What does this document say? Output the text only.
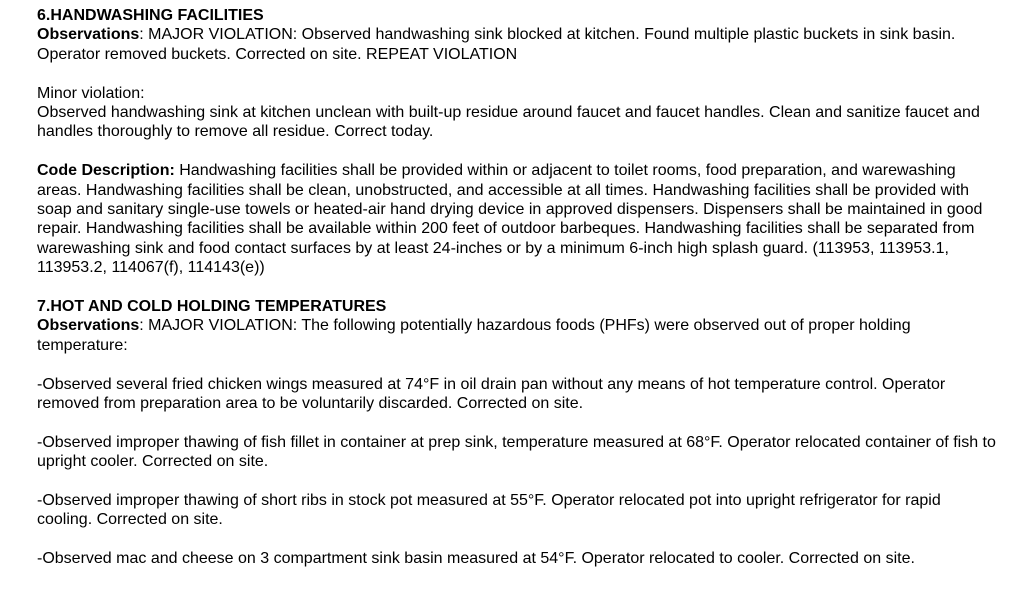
6.HANDWASHING FACILITIES

Observations: MAJOR VIOLATION: Observed handwashing sink blocked at kitchen. Found multiple plastic buckets in sink basin. Operator removed buckets. Corrected on site. REPEAT VIOLATION

Minor violation:

Observed handwashing sink at kitchen unclean with built-up residue around faucet and faucet handles. Clean and sanitize faucet and handles thoroughly to remove all residue. Correct today.

Code Description: Handwashing facilities shall be provided within or adjacent to toilet rooms, food preparation, and warewashing areas. Handwashing facilities shall be clean, unobstructed, and accessible at all times. Handwashing facilities shall be provided with soap and sanitary single-use towels or heated-air hand drying device in approved dispensers. Dispensers shall be maintained in good repair. Handwashing facilities shall be available within 200 feet of outdoor barbeques. Handwashing facilities shall be separated from warewashing sink and food contact surfaces by at least 24-inches or by a minimum 6-inch high splash guard. (113953, 113953.1, 113953.2, 114067(f), 114143(e))

7.HOT AND COLD HOLDING TEMPERATURES

Observations: MAJOR VIOLATION: The following potentially hazardous foods (PHFs) were observed out of proper holding temperature:

-Observed several fried chicken wings measured at 74°F in oil drain pan without any means of hot temperature control. Operator removed from preparation area to be voluntarily discarded. Corrected on site.

-Observed improper thawing of fish fillet in container at prep sink, temperature measured at 68°F. Operator relocated container of fish to upright cooler. Corrected on site.

-Observed improper thawing of short ribs in stock pot measured at 55°F. Operator relocated pot into upright refrigerator for rapid cooling. Corrected on site.

-Observed mac and cheese on 3 compartment sink basin measured at 54°F. Operator relocated to cooler. Corrected on site.
